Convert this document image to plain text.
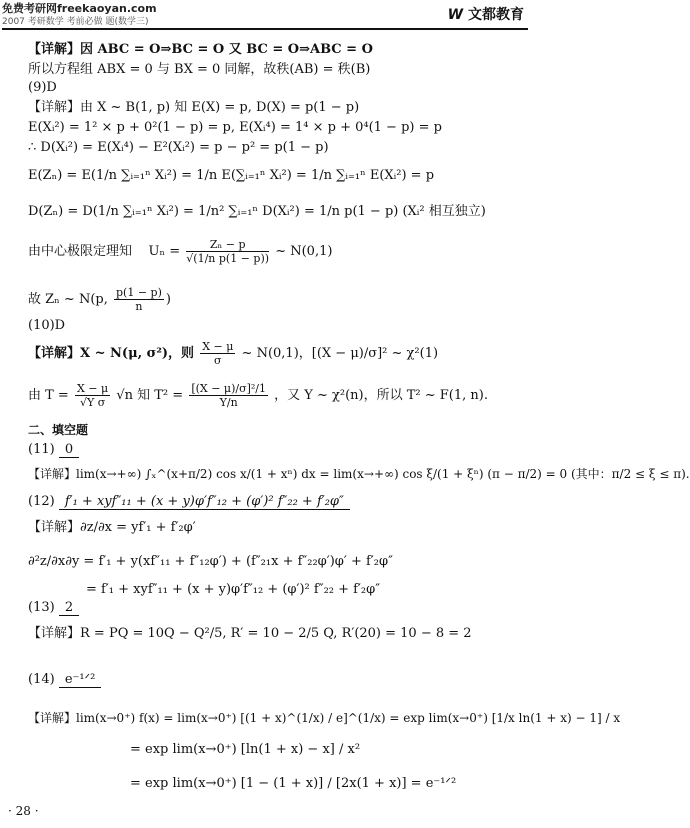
免费考研网freekaoyan.com
2007 考研数学 考前必做 题(数学三)	W 文都教育
【详解】因 ABC = O⇒BC = O 又 BC = O⇒ABC = O
所以方程组 ABX = 0 与 BX = 0 同解，故秩(AB) = 秩(B)
(9)D
【详解】由 X ~ B(1, p) 知 E(X) = p, D(X) = p(1 − p)
E(Xᵢ²) = 1² × p + 0²(1 − p) = p, E(Xᵢ⁴) = 1⁴ × p + 0⁴(1 − p) = p
∴ D(Xᵢ²) = E(Xᵢ⁴) − E²(Xᵢ²) = p − p² = p(1 − p)
E(Zₙ) = E(1/n ∑ᵢ₌₁ⁿ Xᵢ²) = 1/n E(∑ᵢ₌₁ⁿ Xᵢ²) = 1/n ∑ᵢ₌₁ⁿ E(Xᵢ²) = p
D(Zₙ) = D(1/n ∑ᵢ₌₁ⁿ Xᵢ²) = 1/n² ∑ᵢ₌₁ⁿ D(Xᵢ²) = 1/n p(1 − p) (Xᵢ² 相互独立)
由中心极限定理知 $U_n = \frac{\text{Zₙ − p}}{\text{√(1/n p(1 − p))}}$ ~ N(0,1)
故 Zₙ ~ N(p, $\frac{p(1 - p)}{n}$ )
(10)D
【详解】X ~ N(μ, σ²)，则 $\frac{X - \mu}{\sigma}$ ~ N(0,1)，[(X − μ)/σ]² ~ χ²(1)
由 $T = \frac{X - \mu}{\text{√Y σ}} √n$ 知 $T^2 = \frac{\text{[(X − μ)/σ]²/1}}{Y/n}$ ，又 Y ~ χ²(n)，所以 T² ~ F(1, n).
二、填空题
(11) 0
【详解】lim(x→+∞) ∫ₓ^(x+π/2) cos x/(1 + xⁿ) dx = lim(x→+∞) cos ξ/(1 + ξⁿ) (π − π/2) = 0 (其中：π/2 ≤ ξ ≤ π).
(12) f′₁ + xyf″₁₁ + (x + y)φ′f″₁₂ + (φ′)² f″₂₂ + f′₂φ″
【详解】∂z/∂x = yf′₁ + f′₂φ′
∂²z/∂x∂y = f′₁ + y(xf″₁₁ + f″₁₂φ′) + (f″₂₁x + f″₂₂φ′)φ′ + f′₂φ″
= f′₁ + xyf″₁₁ + (x + y)φ′f″₁₂ + (φ′)² f″₂₂ + f′₂φ″
(13) 2
【详解】R = PQ = 10Q − Q²/5, R′ = 10 − 2/5 Q, R′(20) = 10 − 8 = 2
(14) e⁻¹ᐟ²
【详解】lim(x→0⁺) f(x) = lim(x→0⁺) [(1 + x)^(1/x) / e]^(1/x) = exp lim(x→0⁺) [1/x ln(1 + x) − 1] / x
= exp lim(x→0⁺) [ln(1 + x) − x] / x²
= exp lim(x→0⁺) [1 − (1 + x)] / [2x(1 + x)] = e⁻¹ᐟ²
· 28 ·
